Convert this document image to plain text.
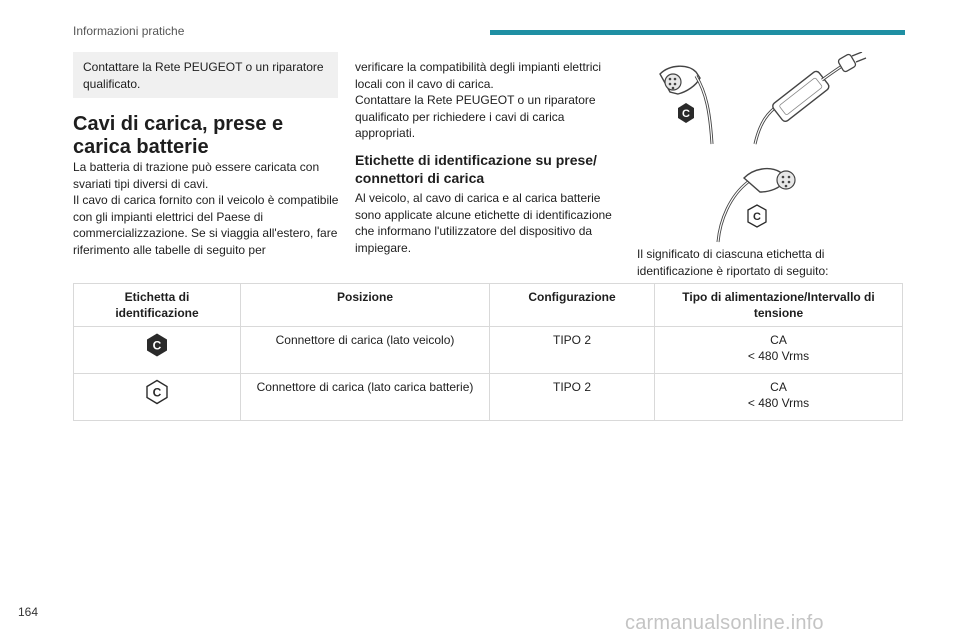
Informazioni pratiche
Contattare la Rete PEUGEOT o un riparatore qualificato.
Cavi di carica, prese e carica batterie
La batteria di trazione può essere caricata con svariati tipi diversi di cavi.
Il cavo di carica fornito con il veicolo è compatibile con gli impianti elettrici del Paese di commercializzazione. Se si viaggia all'estero, fare riferimento alle tabelle di seguito per
verificare la compatibilità degli impianti elettrici locali con il cavo di carica.
Contattare la Rete PEUGEOT o un riparatore qualificato per richiedere i cavi di carica appropriati.
Etichette di identificazione su prese/ connettori di carica
Al veicolo, al cavo di carica e al carica batterie sono applicate alcune etichette di identificazione che informano l'utilizzatore del dispositivo da impiegare.
C
C
Il significato di ciascuna etichetta di identificazione è riportato di seguito:
Etichetta di identificazione	Posizione	Configurazione	Tipo di alimentazione/Intervallo di tensione

C	Connettore di carica (lato veicolo)	TIPO 2	CA
< 480 Vrms

C	Connettore di carica (lato carica batterie)	TIPO 2	CA
< 480 Vrms
164	carmanualsonline.info
